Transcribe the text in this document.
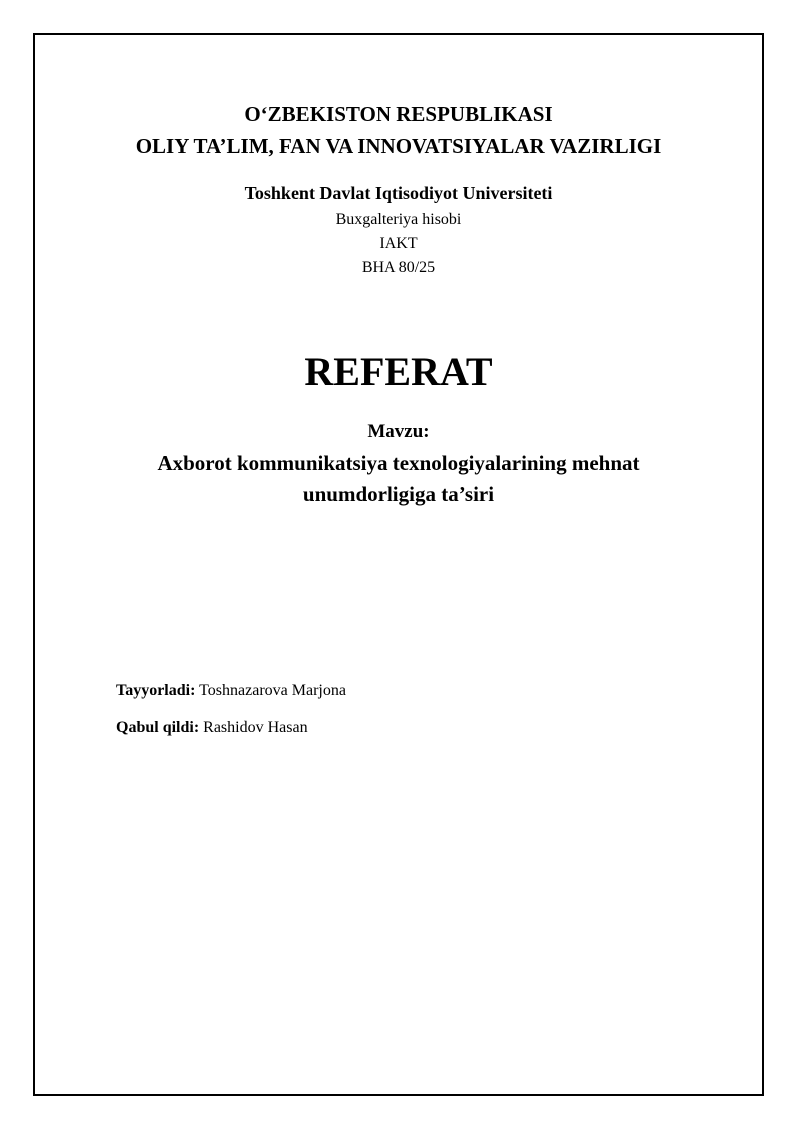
O‘ZBEKISTON RESPUBLIKASI
OLIY TA’LIM, FAN VA INNOVATSIYALAR VAZIRLIGI
Toshkent Davlat Iqtisodiyot Universiteti
Buxgalteriya hisobi
IAKT
BHA 80/25
REFERAT
Mavzu:
Axborot kommunikatsiya texnologiyalarining mehnat unumdorligiga ta’siri
Tayyorladi: Toshnazarova Marjona
Qabul qildi: Rashidov Hasan
